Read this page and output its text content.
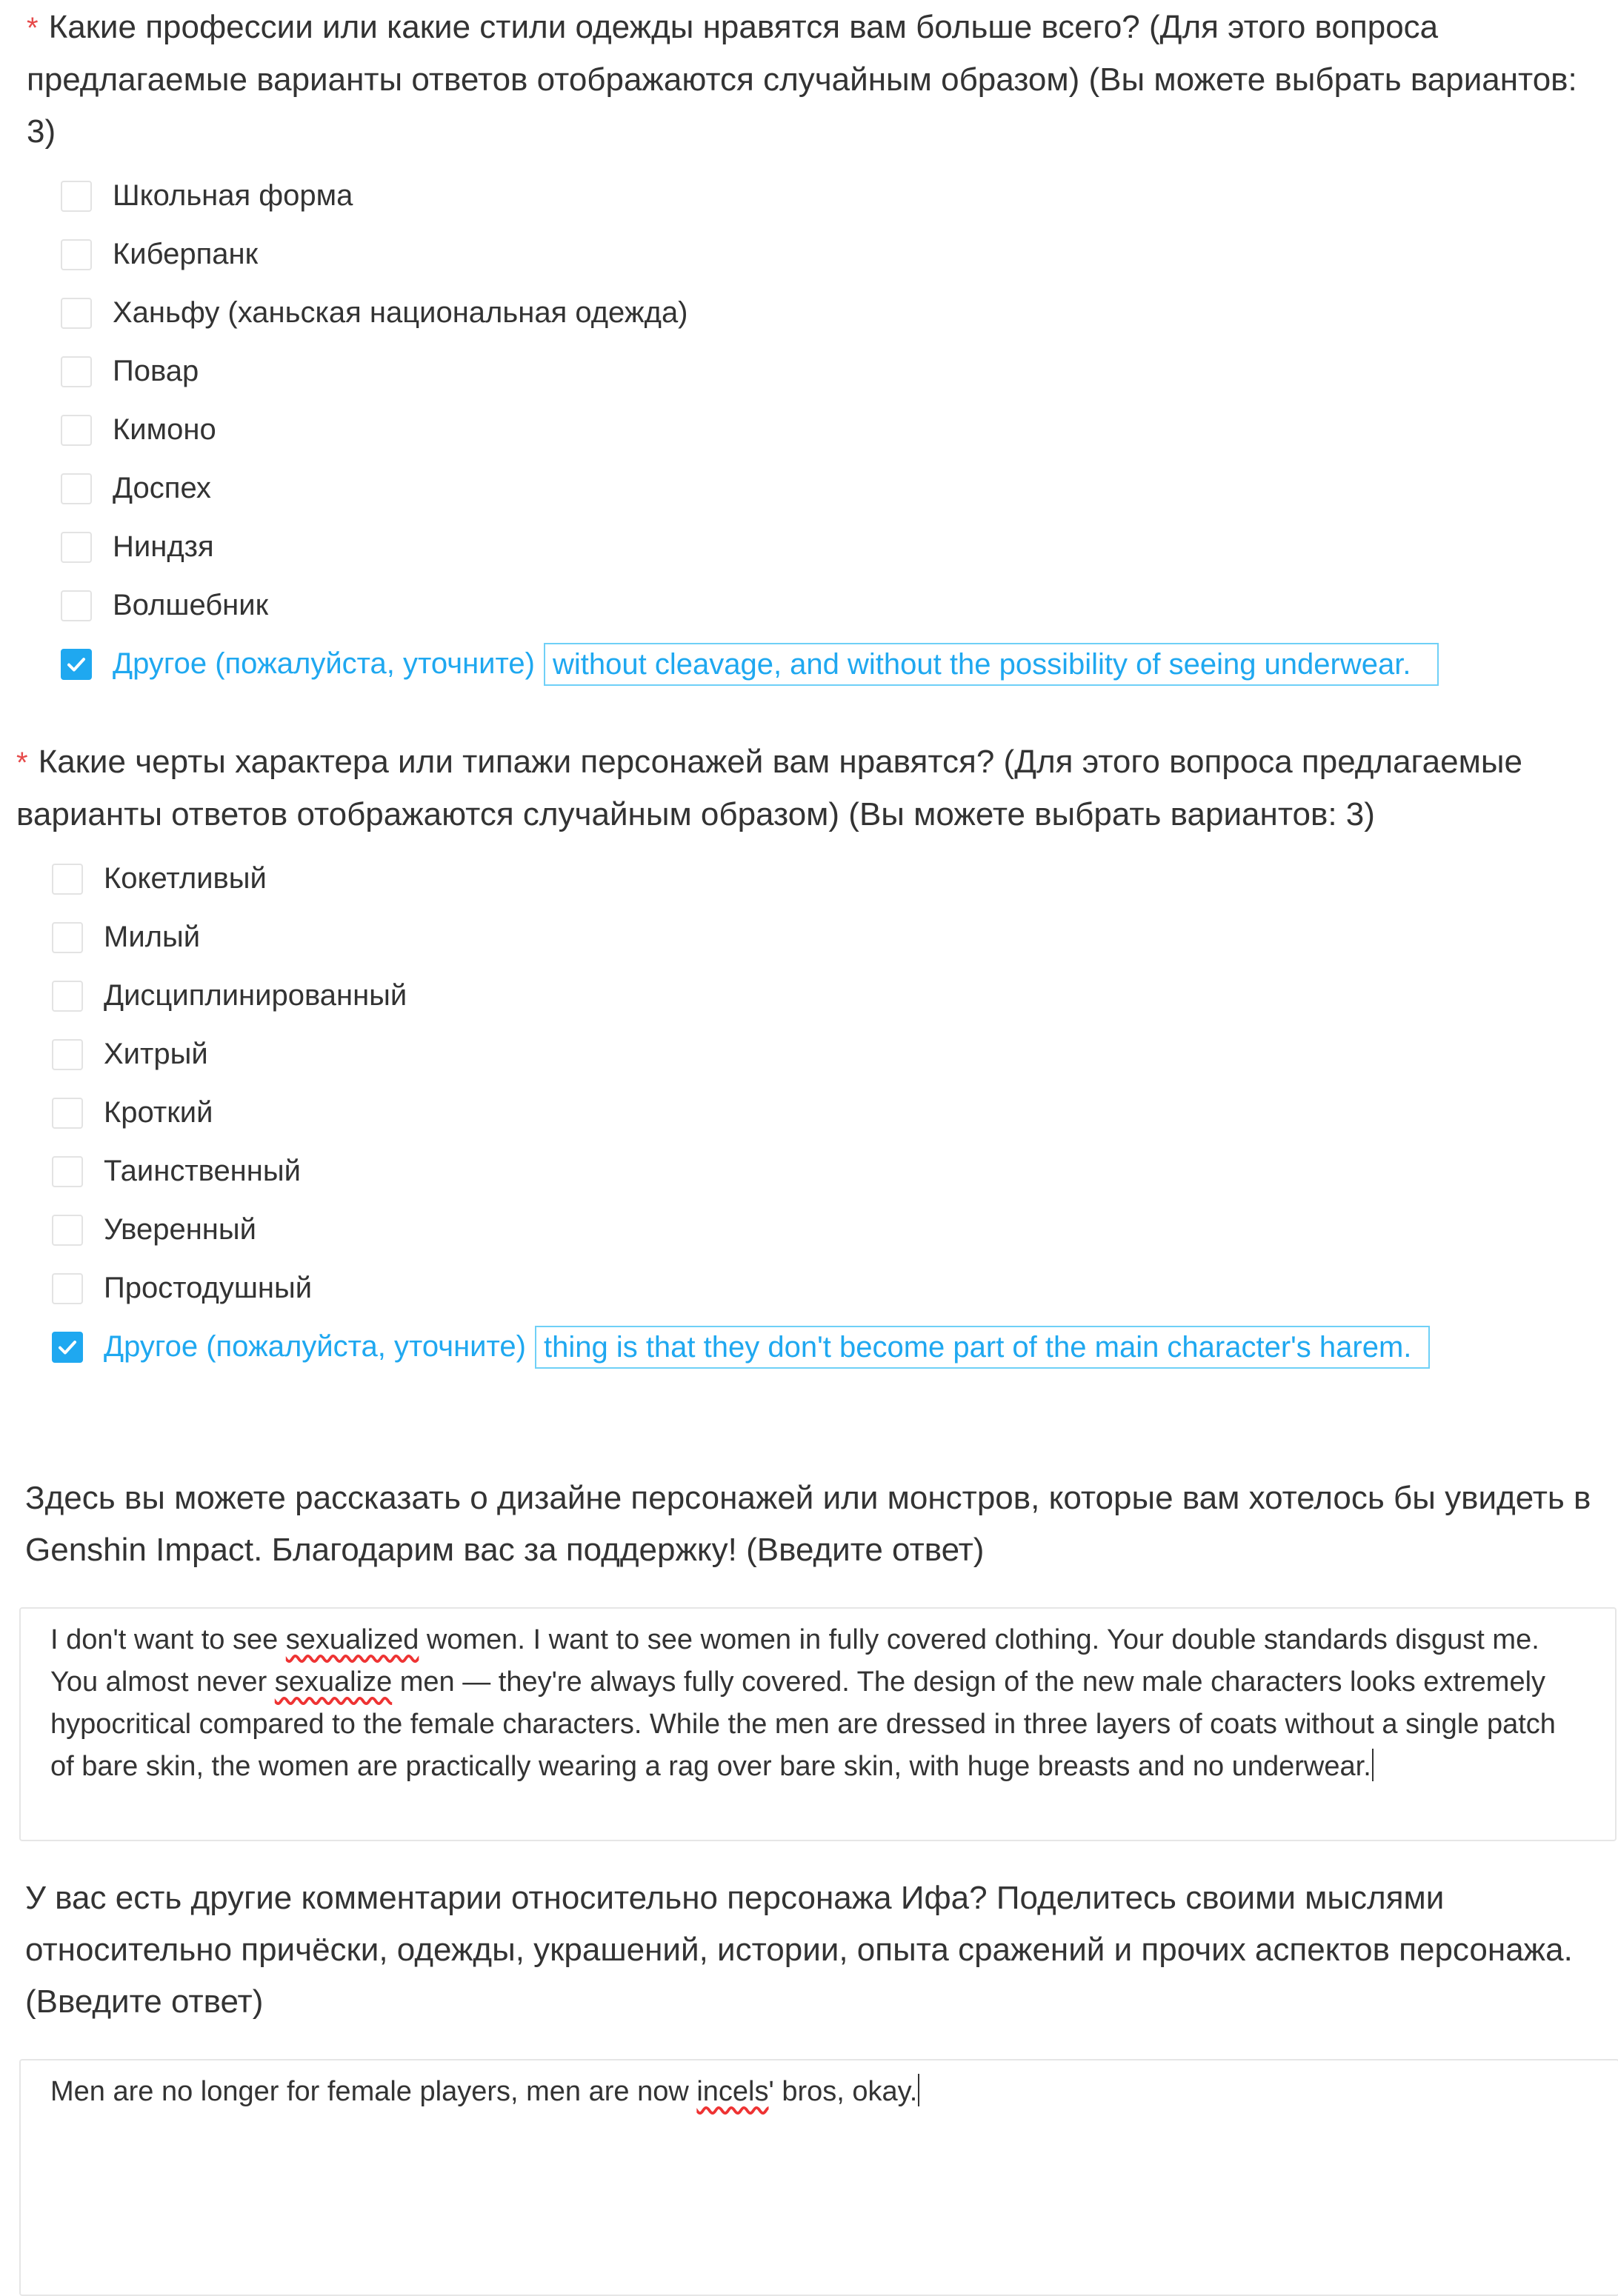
* Какие профессии или какие стили одежды нравятся вам больше всего? (Для этого вопроса предлагаемые варианты ответов отображаются случайным образом) (Вы можете выбрать вариантов: 3)

Школьная форма
Киберпанк
Ханьфу (ханьская национальная одежда)
Повар
Кимоно
Доспех
Ниндзя
Волшебник
Другое (пожалуйста, уточните) without cleavage, and without the possibility of seeing underwear.

* Какие черты характера или типажи персонажей вам нравятся? (Для этого вопроса предлагаемые варианты ответов отображаются случайным образом) (Вы можете выбрать вариантов: 3)

Кокетливый
Милый
Дисциплинированный
Хитрый
Кроткий
Таинственный
Уверенный
Простодушный
Другое (пожалуйста, уточните) thing is that they don't become part of the main character's harem.

Здесь вы можете рассказать о дизайне персонажей или монстров, которые вам хотелось бы увидеть в Genshin Impact. Благодарим вас за поддержку! (Введите ответ)

I don't want to see sexualized women. I want to see women in fully covered clothing. Your double standards disgust me. You almost never sexualize men — they're always fully covered. The design of the new male characters looks extremely hypocritical compared to the female characters. While the men are dressed in three layers of coats without a single patch of bare skin, the women are practically wearing a rag over bare skin, with huge breasts and no underwear.

У вас есть другие комментарии относительно персонажа Ифа? Поделитесь своими мыслями относительно причёски, одежды, украшений, истории, опыта сражений и прочих аспектов персонажа. (Введите ответ)

Men are no longer for female players, men are now incels' bros, okay.
